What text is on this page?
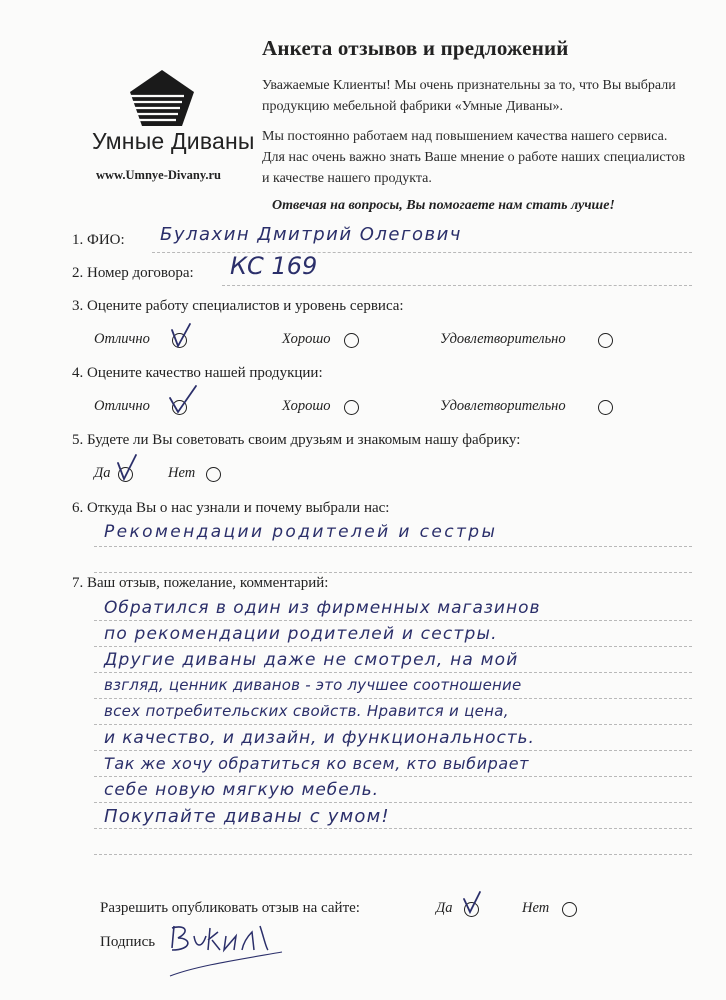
Умные Диваны
www.Umnye-Divany.ru
Анкета отзывов и предложений
Уважаемые Клиенты! Мы очень признательны за то, что Вы выбрали продукцию мебельной фабрики «Умные Диваны».
Мы постоянно работаем над повышением качества нашего сервиса. Для нас очень важно знать Ваше мнение о работе наших специалистов и качестве нашего продукта.
Отвечая на вопросы, Вы помогаете нам стать лучше!
1. ФИО: Булахин Дмитрий Олегович
2. Номер договора: КС 169
3. Оцените работу специалистов и уровень сервиса:
Отлично	Хорошо	Удовлетворительно
4. Оцените качество нашей продукции:
Отлично	Хорошо	Удовлетворительно
5. Будете ли Вы советовать своим друзьям и знакомым нашу фабрику:
Да	Нет
6. Откуда Вы о нас узнали и почему выбрали нас:
Рекомендации родителей и сестры
7. Ваш отзыв, пожелание, комментарий:
Обратился в один из фирменных магазинов
по рекомендации родителей и сестры.
Другие диваны даже не смотрел, на мой
взгляд, ценник диванов - это лучшее соотношение
всех потребительских свойств. Нравится и цена,
и качество, и дизайн, и функциональность.
Так же хочу обратиться ко всем, кто выбирает
себе новую мягкую мебель.
Покупайте диваны с умом!
Разрешить опубликовать отзыв на сайте:	Да	Нет
Подпись
